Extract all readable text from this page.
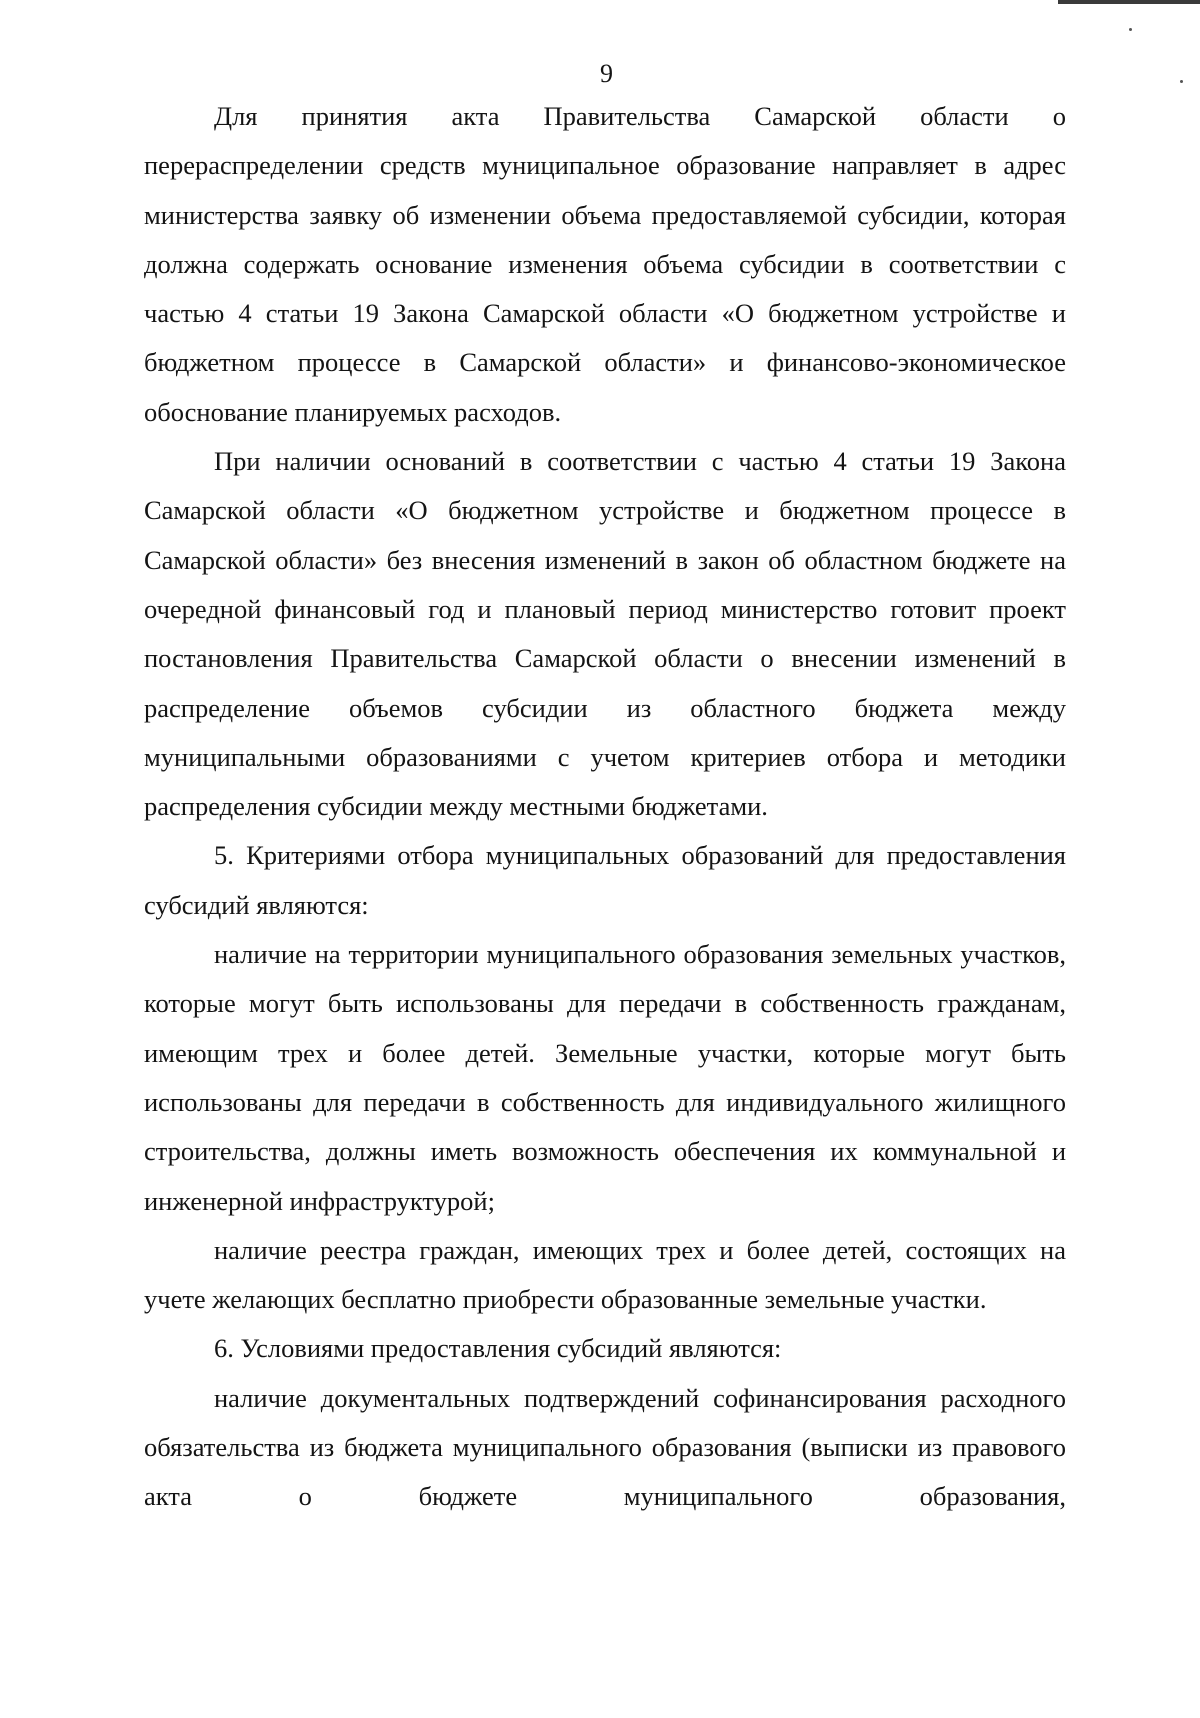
9

Для принятия акта Правительства Самарской области о перераспределении средств муниципальное образование направляет в адрес министерства заявку об изменении объема предоставляемой субсидии, которая должна содержать основание изменения объема субсидии в соответствии с частью 4 статьи 19 Закона Самарской области «О бюджетном устройстве и бюджетном процессе в Самарской области» и финансово-экономическое обоснование планируемых расходов.

При наличии оснований в соответствии с частью 4 статьи 19 Закона Самарской области «О бюджетном устройстве и бюджетном процессе в Самарской области» без внесения изменений в закон об областном бюджете на очередной финансовый год и плановый период министерство готовит проект постановления Правительства Самарской области о внесении изменений в распределение объемов субсидии из областного бюджета между муниципальными образованиями с учетом критериев отбора и методики распределения субсидии между местными бюджетами.

5. Критериями отбора муниципальных образований для предоставления субсидий являются:

наличие на территории муниципального образования земельных участков, которые могут быть использованы для передачи в собственность гражданам, имеющим трех и более детей. Земельные участки, которые могут быть использованы для передачи в собственность для индивидуального жилищного строительства, должны иметь возможность обеспечения их коммунальной и инженерной инфраструктурой;

наличие реестра граждан, имеющих трех и более детей, состоящих на учете желающих бесплатно приобрести образованные земельные участки.

6. Условиями предоставления субсидий являются:

наличие документальных подтверждений софинансирования расходного обязательства из бюджета муниципального образования (выписки из правового акта о бюджете муниципального образования,
